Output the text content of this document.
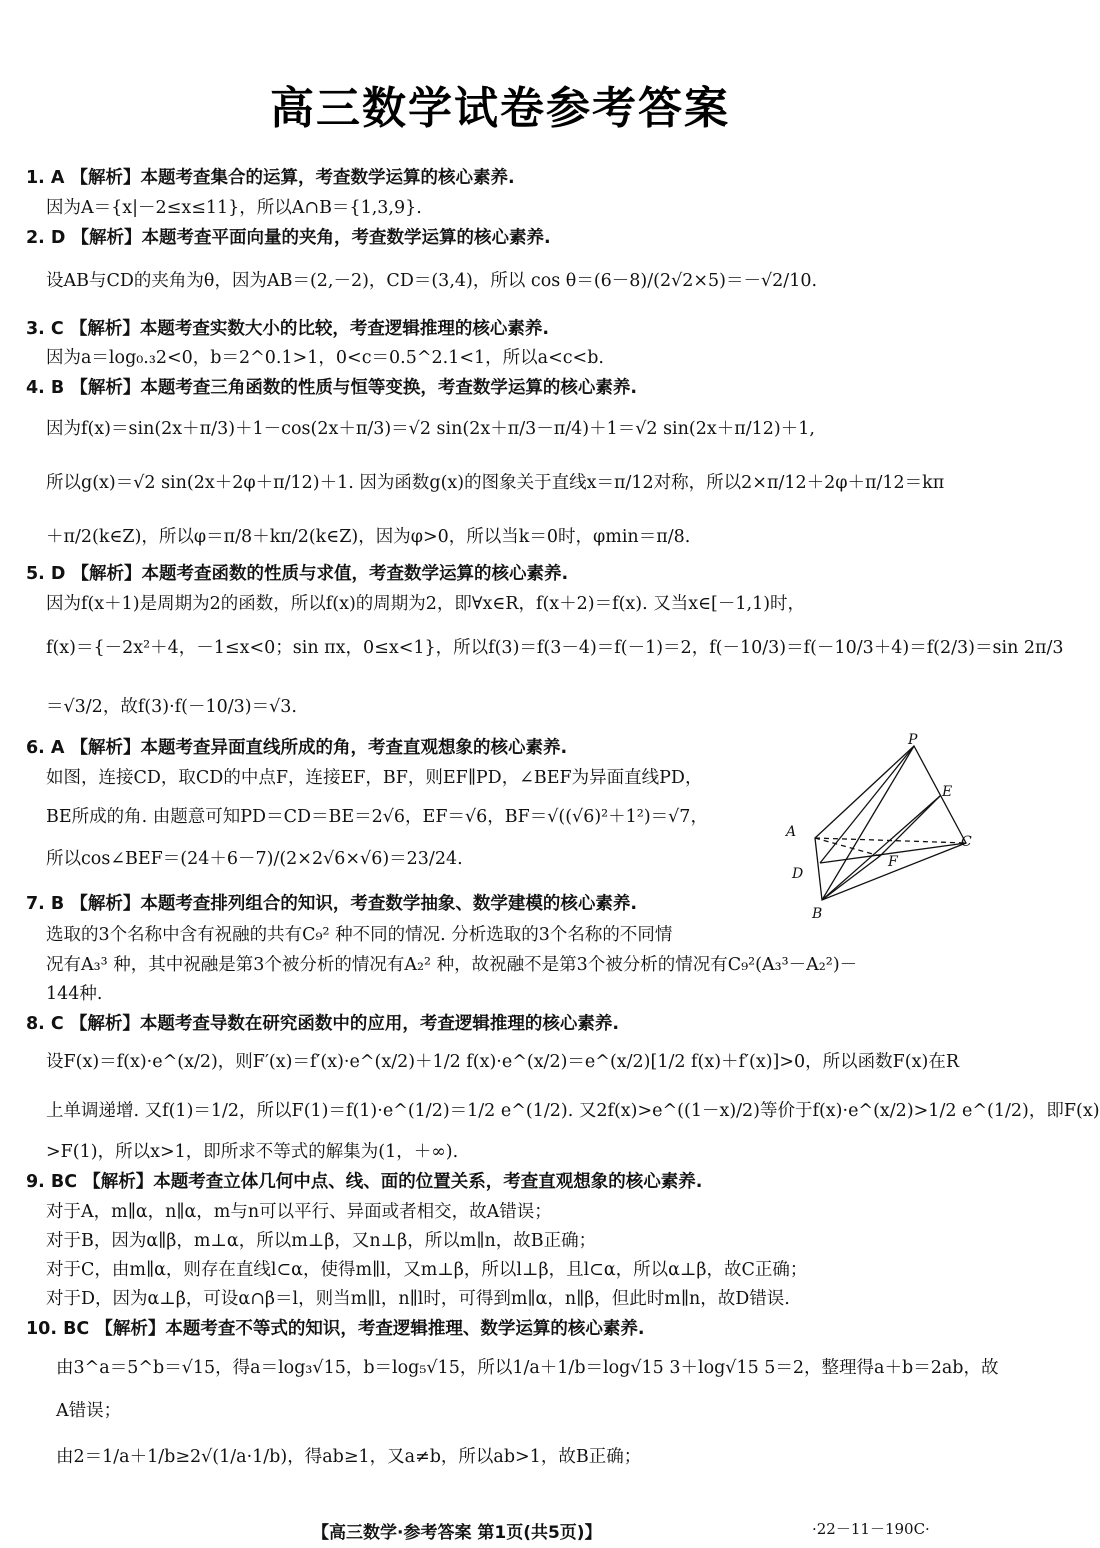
高三数学试卷参考答案
1. A 【解析】本题考查集合的运算，考查数学运算的核心素养.
因为A＝{x|－2≤x≤11}，所以A∩B＝{1,3,9}.
2. D 【解析】本题考查平面向量的夹角，考查数学运算的核心素养.
设AB与CD的夹角为θ，因为AB＝(2,－2)，CD＝(3,4)，所以 cos θ＝(6－8)/(2√2×5)＝－√2/10.
3. C 【解析】本题考查实数大小的比较，考查逻辑推理的核心素养.
因为a＝log₀.₃2<0，b＝2^0.1>1，0<c＝0.5^2.1<1，所以a<c<b.
4. B 【解析】本题考查三角函数的性质与恒等变换，考查数学运算的核心素养.
因为f(x)＝sin(2x＋π/3)＋1－cos(2x＋π/3)＝√2 sin(2x＋π/3－π/4)＋1＝√2 sin(2x＋π/12)＋1,
所以g(x)＝√2 sin(2x＋2φ＋π/12)＋1. 因为函数g(x)的图象关于直线x＝π/12对称，所以2×π/12＋2φ＋π/12＝kπ
＋π/2(k∈Z)，所以φ＝π/8＋kπ/2(k∈Z)，因为φ>0，所以当k＝0时，φmin＝π/8.
5. D 【解析】本题考查函数的性质与求值，考查数学运算的核心素养.
因为f(x＋1)是周期为2的函数，所以f(x)的周期为2，即∀x∈R，f(x＋2)＝f(x). 又当x∈[－1,1)时，
f(x)＝{－2x²＋4，－1≤x<0；sin πx，0≤x<1}，所以f(3)＝f(3－4)＝f(－1)＝2，f(－10/3)＝f(－10/3＋4)＝f(2/3)＝sin 2π/3
＝√3/2，故f(3)·f(－10/3)＝√3.
6. A 【解析】本题考查异面直线所成的角，考查直观想象的核心素养.
如图，连接CD，取CD的中点F，连接EF，BF，则EF∥PD，∠BEF为异面直线PD，
BE所成的角. 由题意可知PD＝CD＝BE＝2√6，EF＝√6，BF＝√((√6)²＋1²)＝√7，
所以cos∠BEF＝(24＋6－7)/(2×2√6×√6)＝23/24.
7. B 【解析】本题考查排列组合的知识，考查数学抽象、数学建模的核心素养.
选取的3个名称中含有祝融的共有C₉² 种不同的情况. 分析选取的3个名称的不同情
况有A₃³ 种，其中祝融是第3个被分析的情况有A₂² 种，故祝融不是第3个被分析的情况有C₉²(A₃³－A₂²)－
144种.
8. C 【解析】本题考查导数在研究函数中的应用，考查逻辑推理的核心素养.
设F(x)＝f(x)·e^(x/2)，则F′(x)＝f′(x)·e^(x/2)＋1/2 f(x)·e^(x/2)＝e^(x/2)[1/2 f(x)＋f′(x)]>0，所以函数F(x)在R
上单调递增. 又f(1)＝1/2，所以F(1)＝f(1)·e^(1/2)＝1/2 e^(1/2). 又2f(x)>e^((1－x)/2)等价于f(x)·e^(x/2)>1/2 e^(1/2)，即F(x)
>F(1)，所以x>1，即所求不等式的解集为(1，＋∞).
9. BC 【解析】本题考查立体几何中点、线、面的位置关系，考查直观想象的核心素养.
对于A，m∥α，n∥α，m与n可以平行、异面或者相交，故A错误；
对于B，因为α∥β，m⊥α，所以m⊥β，又n⊥β，所以m∥n，故B正确；
对于C，由m∥α，则存在直线l⊂α，使得m∥l，又m⊥β，所以l⊥β，且l⊂α，所以α⊥β，故C正确；
对于D，因为α⊥β，可设α∩β＝l，则当m∥l，n∥l时，可得到m∥α，n∥β，但此时m∥n，故D错误.
10. BC 【解析】本题考查不等式的知识，考查逻辑推理、数学运算的核心素养.
由3^a＝5^b＝√15，得a＝log₃√15，b＝log₅√15，所以1/a＋1/b＝log√15 3＋log√15 5＝2，整理得a＋b＝2ab，故
A错误；
由2＝1/a＋1/b≥2√(1/a·1/b)，得ab≥1，又a≠b，所以ab>1，故B正确；
P
E
A
C
D
F
B
【高三数学·参考答案 第1页(共5页)】	·22－11－190C·
